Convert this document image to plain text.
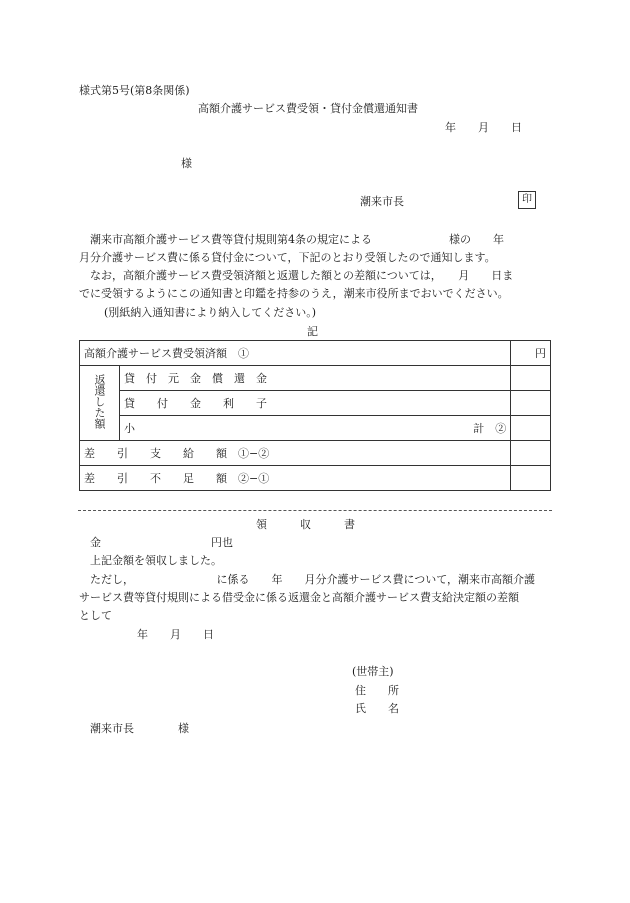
様式第5号(第8条関係)
高額介護サービス費受領・貸付金償還通知書
年　　月　　日
様
潮来市長	印
潮来市高額介護サービス費等貸付規則第4条の規定による　　　　　　　様の　　年
月分介護サービス費に係る貸付金について，下記のとおり受領したので通知します。
なお，高額介護サービス費受領済額と返還した額との差額については，　　月　　日ま
でに受領するようにこの通知書と印鑑を持参のうえ，潮来市役所までおいでください。
(別紙納入通知書により納入してください。)
記
高額介護サービス費受領済額　①		円
返還した額	貸　付　元　金　償　還　金	
	貸　　付　　金　　利　　子	

	小 計　②	

差　　引　　支　　給　　額　①−②		
差　　引　　不　　足　　額　②−①		
領　　　収　　　書
金　　　　　　　　　　円也
上記金額を領収しました。
ただし，　　　　　　　　に係る　　年　　月分介護サービス費について，潮来市高額介護
サービス費等貸付規則による借受金に係る返還金と高額介護サービス費支給決定額の差額
として
年　　月　　日
(世帯主)
住　　所
氏　　名
潮来市長　　　　様
